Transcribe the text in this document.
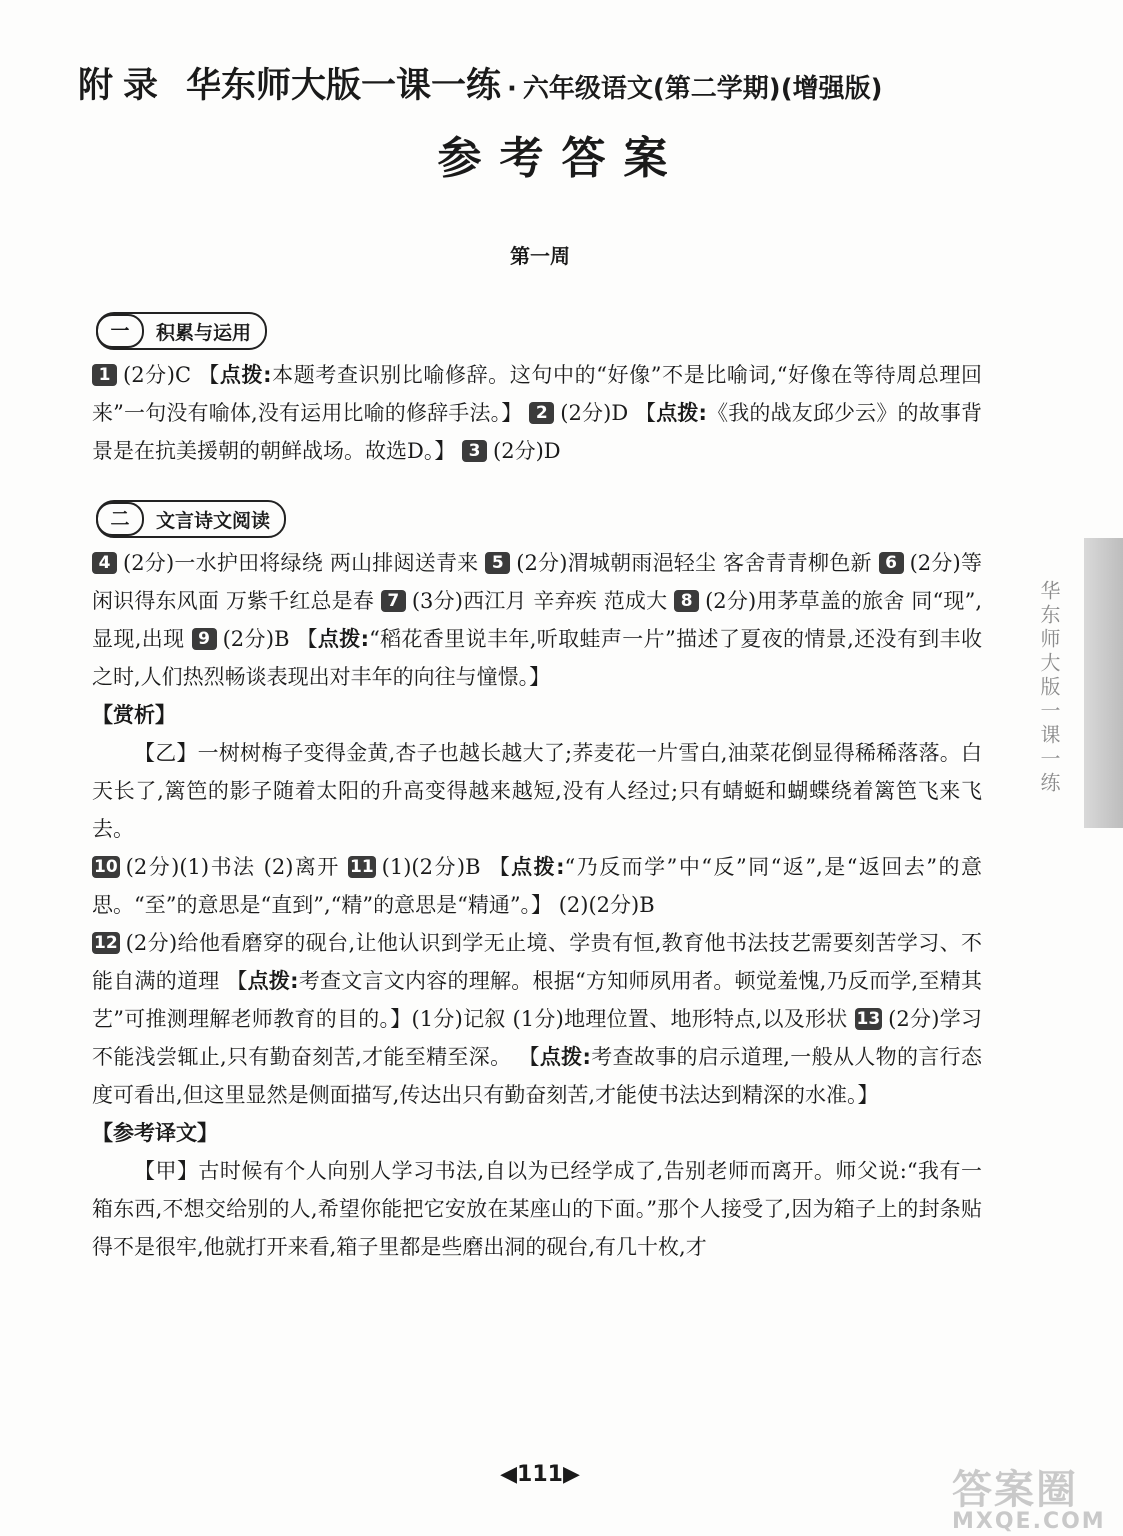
附录 华东师大版一课一练 · 六年级语文(第二学期)(增强版)
参考答案
第一周
一	积累与运用

1 (2分)C 【点拨:本题考查识别比喻修辞。这句中的“好像”不是比喻词,“好像在等待周总理回来”一句没有喻体,没有运用比喻的修辞手法。】 2 (2分)D 【点拨:《我的战友邱少云》的故事背景是在抗美援朝的朝鲜战场。故选D。】 3 (2分)D

二	文言诗文阅读

4 (2分)一水护田将绿绕 两山排闼送青来 5 (2分)渭城朝雨浥轻尘 客舍青青柳色新 6 (2分)等闲识得东风面 万紫千红总是春 7 (3分)西江月 辛弃疾 范成大 8 (2分)用茅草盖的旅舍 同“现”,显现,出现 9 (2分)B 【点拨:“稻花香里说丰年,听取蛙声一片”描述了夏夜的情景,还没有到丰收之时,人们热烈畅谈表现出对丰年的向往与憧憬。】

【赏析】

【乙】一树树梅子变得金黄,杏子也越长越大了;荞麦花一片雪白,油菜花倒显得稀稀落落。白天长了,篱笆的影子随着太阳的升高变得越来越短,没有人经过;只有蜻蜓和蝴蝶绕着篱笆飞来飞去。

10 (2分)(1)书法 (2)离开 11 (1)(2分)B 【点拨:“乃反而学”中“反”同“返”,是“返回去”的意思。“至”的意思是“直到”,“精”的意思是“精通”。】 (2)(2分)B

12 (2分)给他看磨穿的砚台,让他认识到学无止境、学贵有恒,教育他书法技艺需要刻苦学习、不能自满的道理 【点拨:考查文言文内容的理解。根据“方知师夙用者。顿觉羞愧,乃反而学,至精其艺”可推测理解老师教育的目的。】(1分)记叙 (1分)地理位置、地形特点,以及形状 13 (2分)学习不能浅尝辄止,只有勤奋刻苦,才能至精至深。 【点拨:考查故事的启示道理,一般从人物的言行态度可看出,但这里显然是侧面描写,传达出只有勤奋刻苦,才能使书法达到精深的水准。】

【参考译文】

【甲】古时候有个人向别人学习书法,自以为已经学成了,告别老师而离开。师父说:“我有一箱东西,不想交给别的人,希望你能把它安放在某座山的下面。”那个人接受了,因为箱子上的封条贴得不是很牢,他就打开来看,箱子里都是些磨出洞的砚台,有几十枚,才

◀111▶
华东师大版一课一练
答案圈
MXQE.COM
